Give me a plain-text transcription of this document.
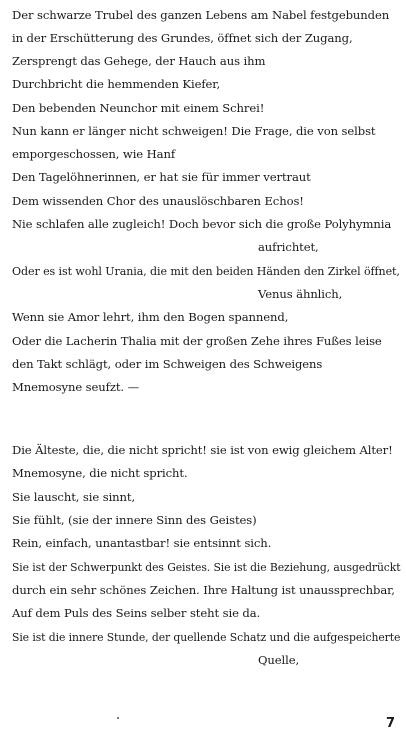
Der schwarze Trubel des ganzen Lebens am Nabel festgebunden
in der Erschütterung des Grundes, öffnet sich der Zugang,
Zersprengt das Gehege, der Hauch aus ihm
Durchbricht die hemmenden Kiefer,
Den bebenden Neunchor mit einem Schrei!
Nun kann er länger nicht schweigen! Die Frage, die von selbst
emporgeschossen, wie Hanf
Den Tagelöhnerinnen, er hat sie für immer vertraut
Dem wissenden Chor des unauslöschbaren Echos!
Nie schlafen alle zugleich! Doch bevor sich die große Polyhymnia
aufrichtet,
Oder es ist wohl Urania, die mit den beiden Händen den Zirkel öffnet,
Venus ähnlich,
Wenn sie Amor lehrt, ihm den Bogen spannend,
Oder die Lacherin Thalia mit der großen Zehe ihres Fußes leise
den Takt schlägt, oder im Schweigen des Schweigens
Mnemosyne seufzt. —
Die Älteste, die, die nicht spricht! sie ist von ewig gleichem Alter!
Mnemosyne, die nicht spricht.
Sie lauscht, sie sinnt,
Sie fühlt, (sie der innere Sinn des Geistes)
Rein, einfach, unantastbar! sie entsinnt sich.
Sie ist der Schwerpunkt des Geistes. Sie ist die Beziehung, ausgedrückt
durch ein sehr schönes Zeichen. Ihre Haltung ist unaussprechbar,
Auf dem Puls des Seins selber steht sie da.
Sie ist die innere Stunde, der quellende Schatz und die aufgespeicherte
Quelle,
7
